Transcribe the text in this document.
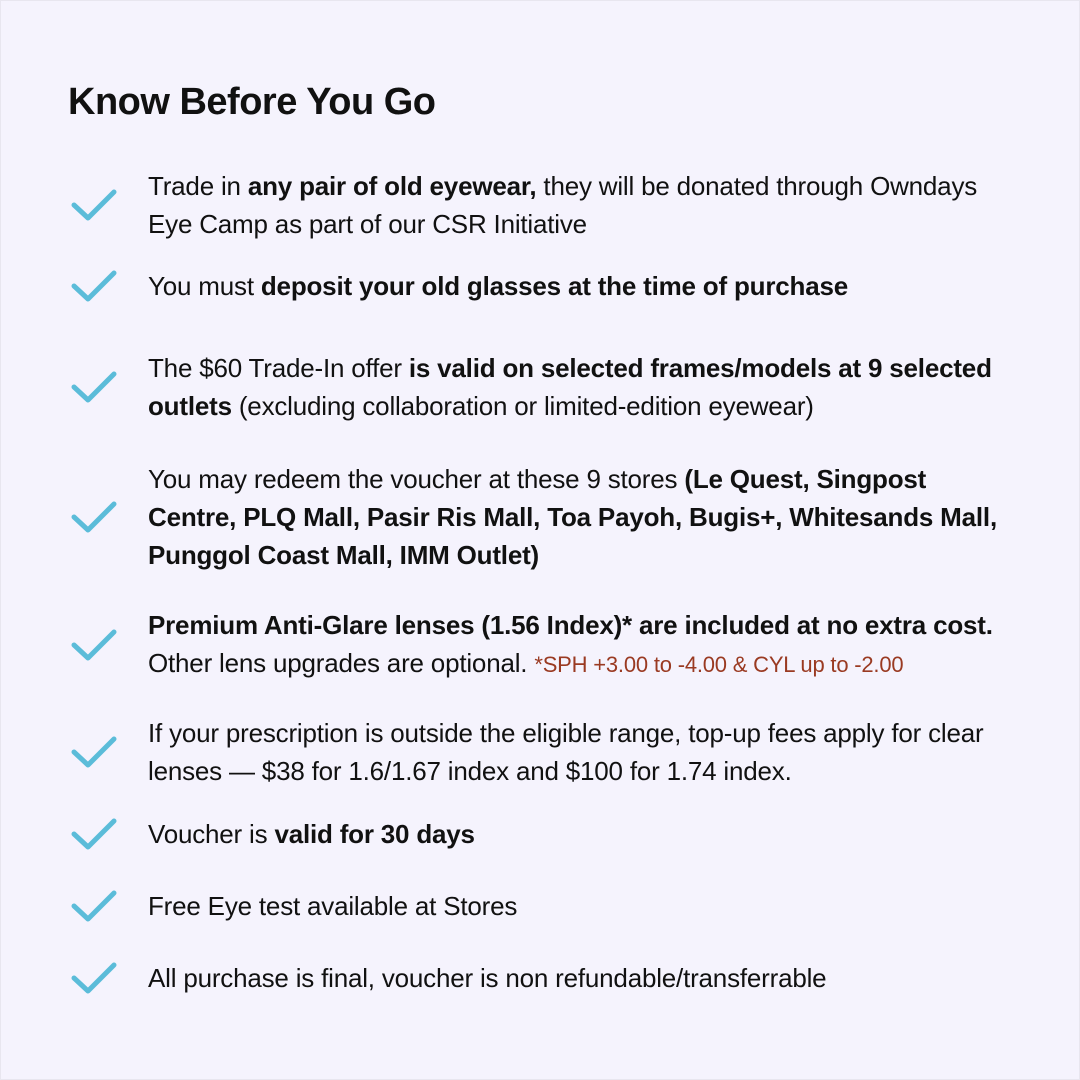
Know Before You Go
Trade in any pair of old eyewear, they will be donated through Owndays Eye Camp as part of our CSR Initiative
You must deposit your old glasses at the time of purchase
The $60 Trade-In offer is valid on selected frames/models at 9 selected outlets (excluding collaboration or limited-edition eyewear)
You may redeem the voucher at these 9 stores (Le Quest, Singpost Centre, PLQ Mall, Pasir Ris Mall, Toa Payoh, Bugis+, Whitesands Mall, Punggol Coast Mall, IMM Outlet)
Premium Anti-Glare lenses (1.56 Index)* are included at no extra cost. Other lens upgrades are optional. *SPH +3.00 to -4.00 & CYL up to -2.00
If your prescription is outside the eligible range, top-up fees apply for clear lenses — $38 for 1.6/1.67 index and $100 for 1.74 index.
Voucher is valid for 30 days
Free Eye test available at Stores
All purchase is final, voucher is non refundable/transferrable
